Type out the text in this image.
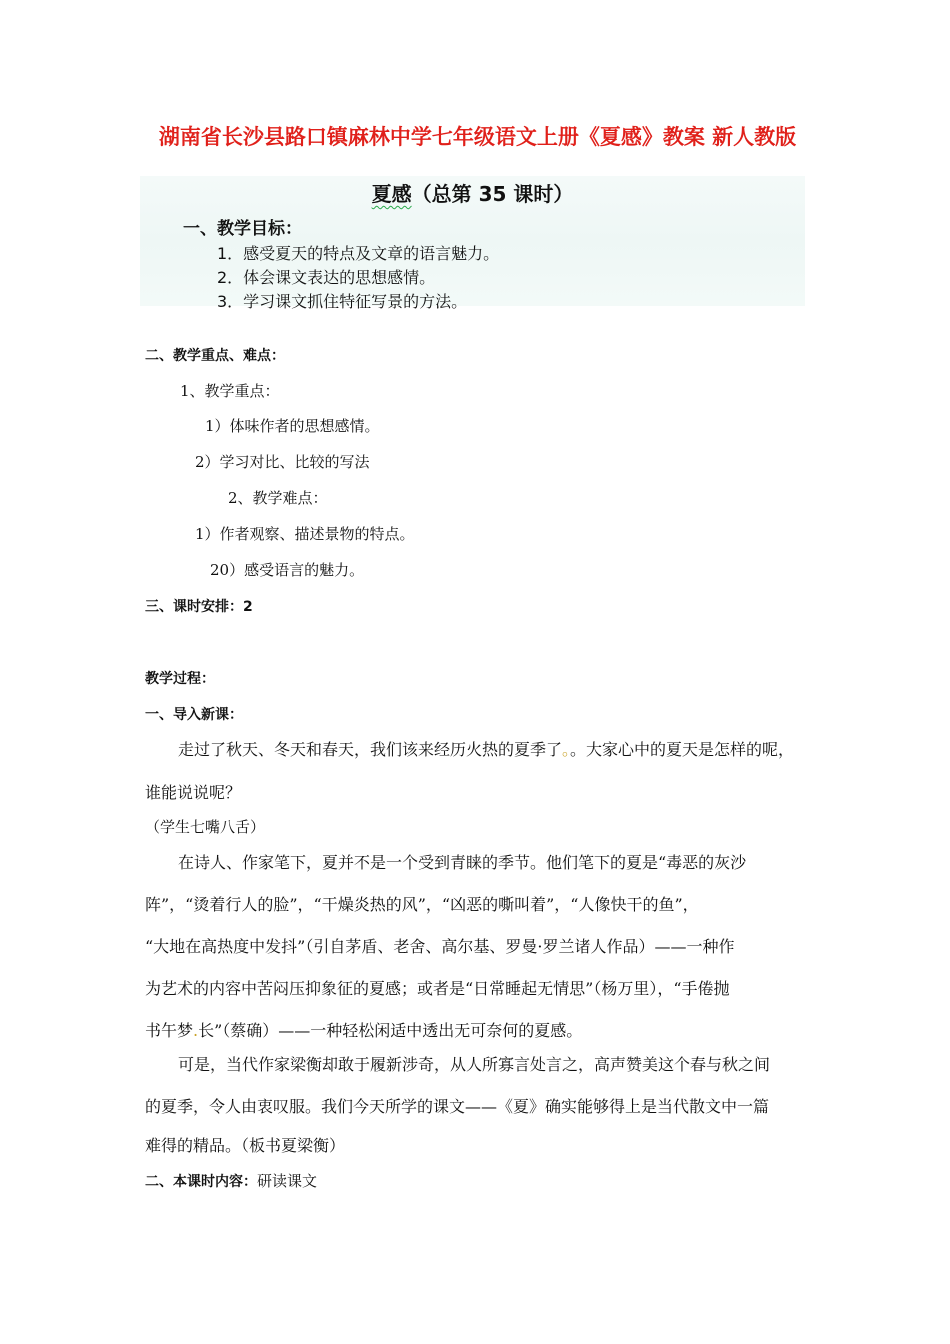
湖南省长沙县路口镇麻林中学七年级语文上册《夏感》教案 新人教版
夏感（总第 35 课时）
一、教学目标：
1．感受夏天的特点及文章的语言魅力。
2．体会课文表达的思想感情。
3．学习课文抓住特征写景的方法。
二、教学重点、难点：
1、教学重点：
1）体味作者的思想感情。
2）学习对比、比较的写法
2、教学难点：
1）作者观察、描述景物的特点。
20）感受语言的魅力。
三、课时安排：2
教学过程：
一、导入新课：
走过了秋天、冬天和春天，我们该来经历火热的夏季了。。大家心中的夏天是怎样的呢，
谁能说说呢？
（学生七嘴八舌）
在诗人、作家笔下，夏并不是一个受到青睐的季节。他们笔下的夏是“毒恶的灰沙
阵”，“烫着行人的脸”，“干燥炎热的风”，“凶恶的嘶叫着”，“人像快干的鱼”，
“大地在高热度中发抖”（引自茅盾、老舍、高尔基、罗曼·罗兰诸人作品）——一种作
为艺术的内容中苦闷压抑象征的夏感；或者是“日常睡起无情思”（杨万里），“手倦抛
书午梦.长”（蔡确）——一种轻松闲适中透出无可奈何的夏感。
可是，当代作家梁衡却敢于履新涉奇，从人所寡言处言之，高声赞美这个春与秋之间
的夏季，令人由衷叹服。我们今天所学的课文——《夏》确实能够得上是当代散文中一篇
难得的精品。（板书夏梁衡）
二、本课时内容：研读课文
